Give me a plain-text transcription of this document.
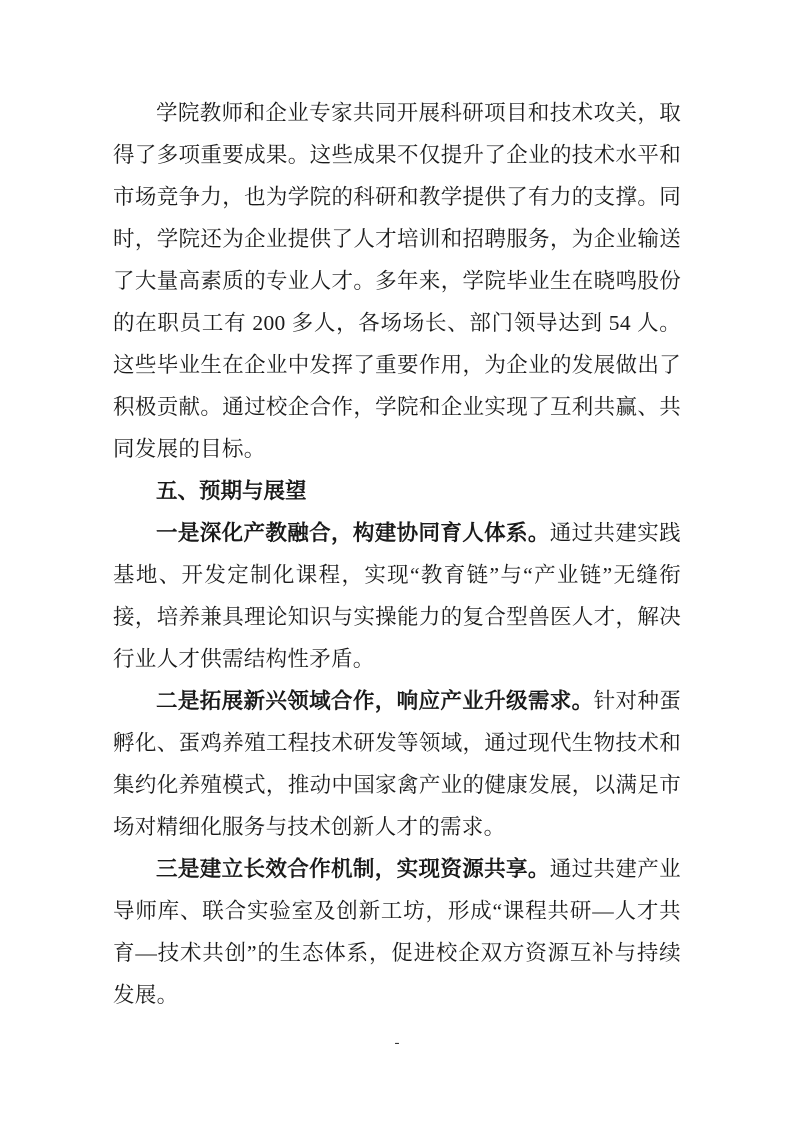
学院教师和企业专家共同开展科研项目和技术攻关，取得了多项重要成果。这些成果不仅提升了企业的技术水平和市场竞争力，也为学院的科研和教学提供了有力的支撑。同时，学院还为企业提供了人才培训和招聘服务，为企业输送了大量高素质的专业人才。多年来，学院毕业生在晓鸣股份的在职员工有 200 多人，各场场长、部门领导达到 54 人。这些毕业生在企业中发挥了重要作用，为企业的发展做出了积极贡献。通过校企合作，学院和企业实现了互利共赢、共同发展的目标。

五、预期与展望

一是深化产教融合，构建协同育人体系。通过共建实践基地、开发定制化课程，实现“教育链”与“产业链”无缝衔接，培养兼具理论知识与实操能力的复合型兽医人才，解决行业人才供需结构性矛盾。

二是拓展新兴领域合作，响应产业升级需求。针对种蛋孵化、蛋鸡养殖工程技术研发等领域，通过现代生物技术和集约化养殖模式，推动中国家禽产业的健康发展，以满足市场对精细化服务与技术创新人才的需求。

三是建立长效合作机制，实现资源共享。通过共建产业导师库、联合实验室及创新工坊，形成“课程共研—人才共育—技术共创”的生态体系，促进校企双方资源互补与持续发展。

-
